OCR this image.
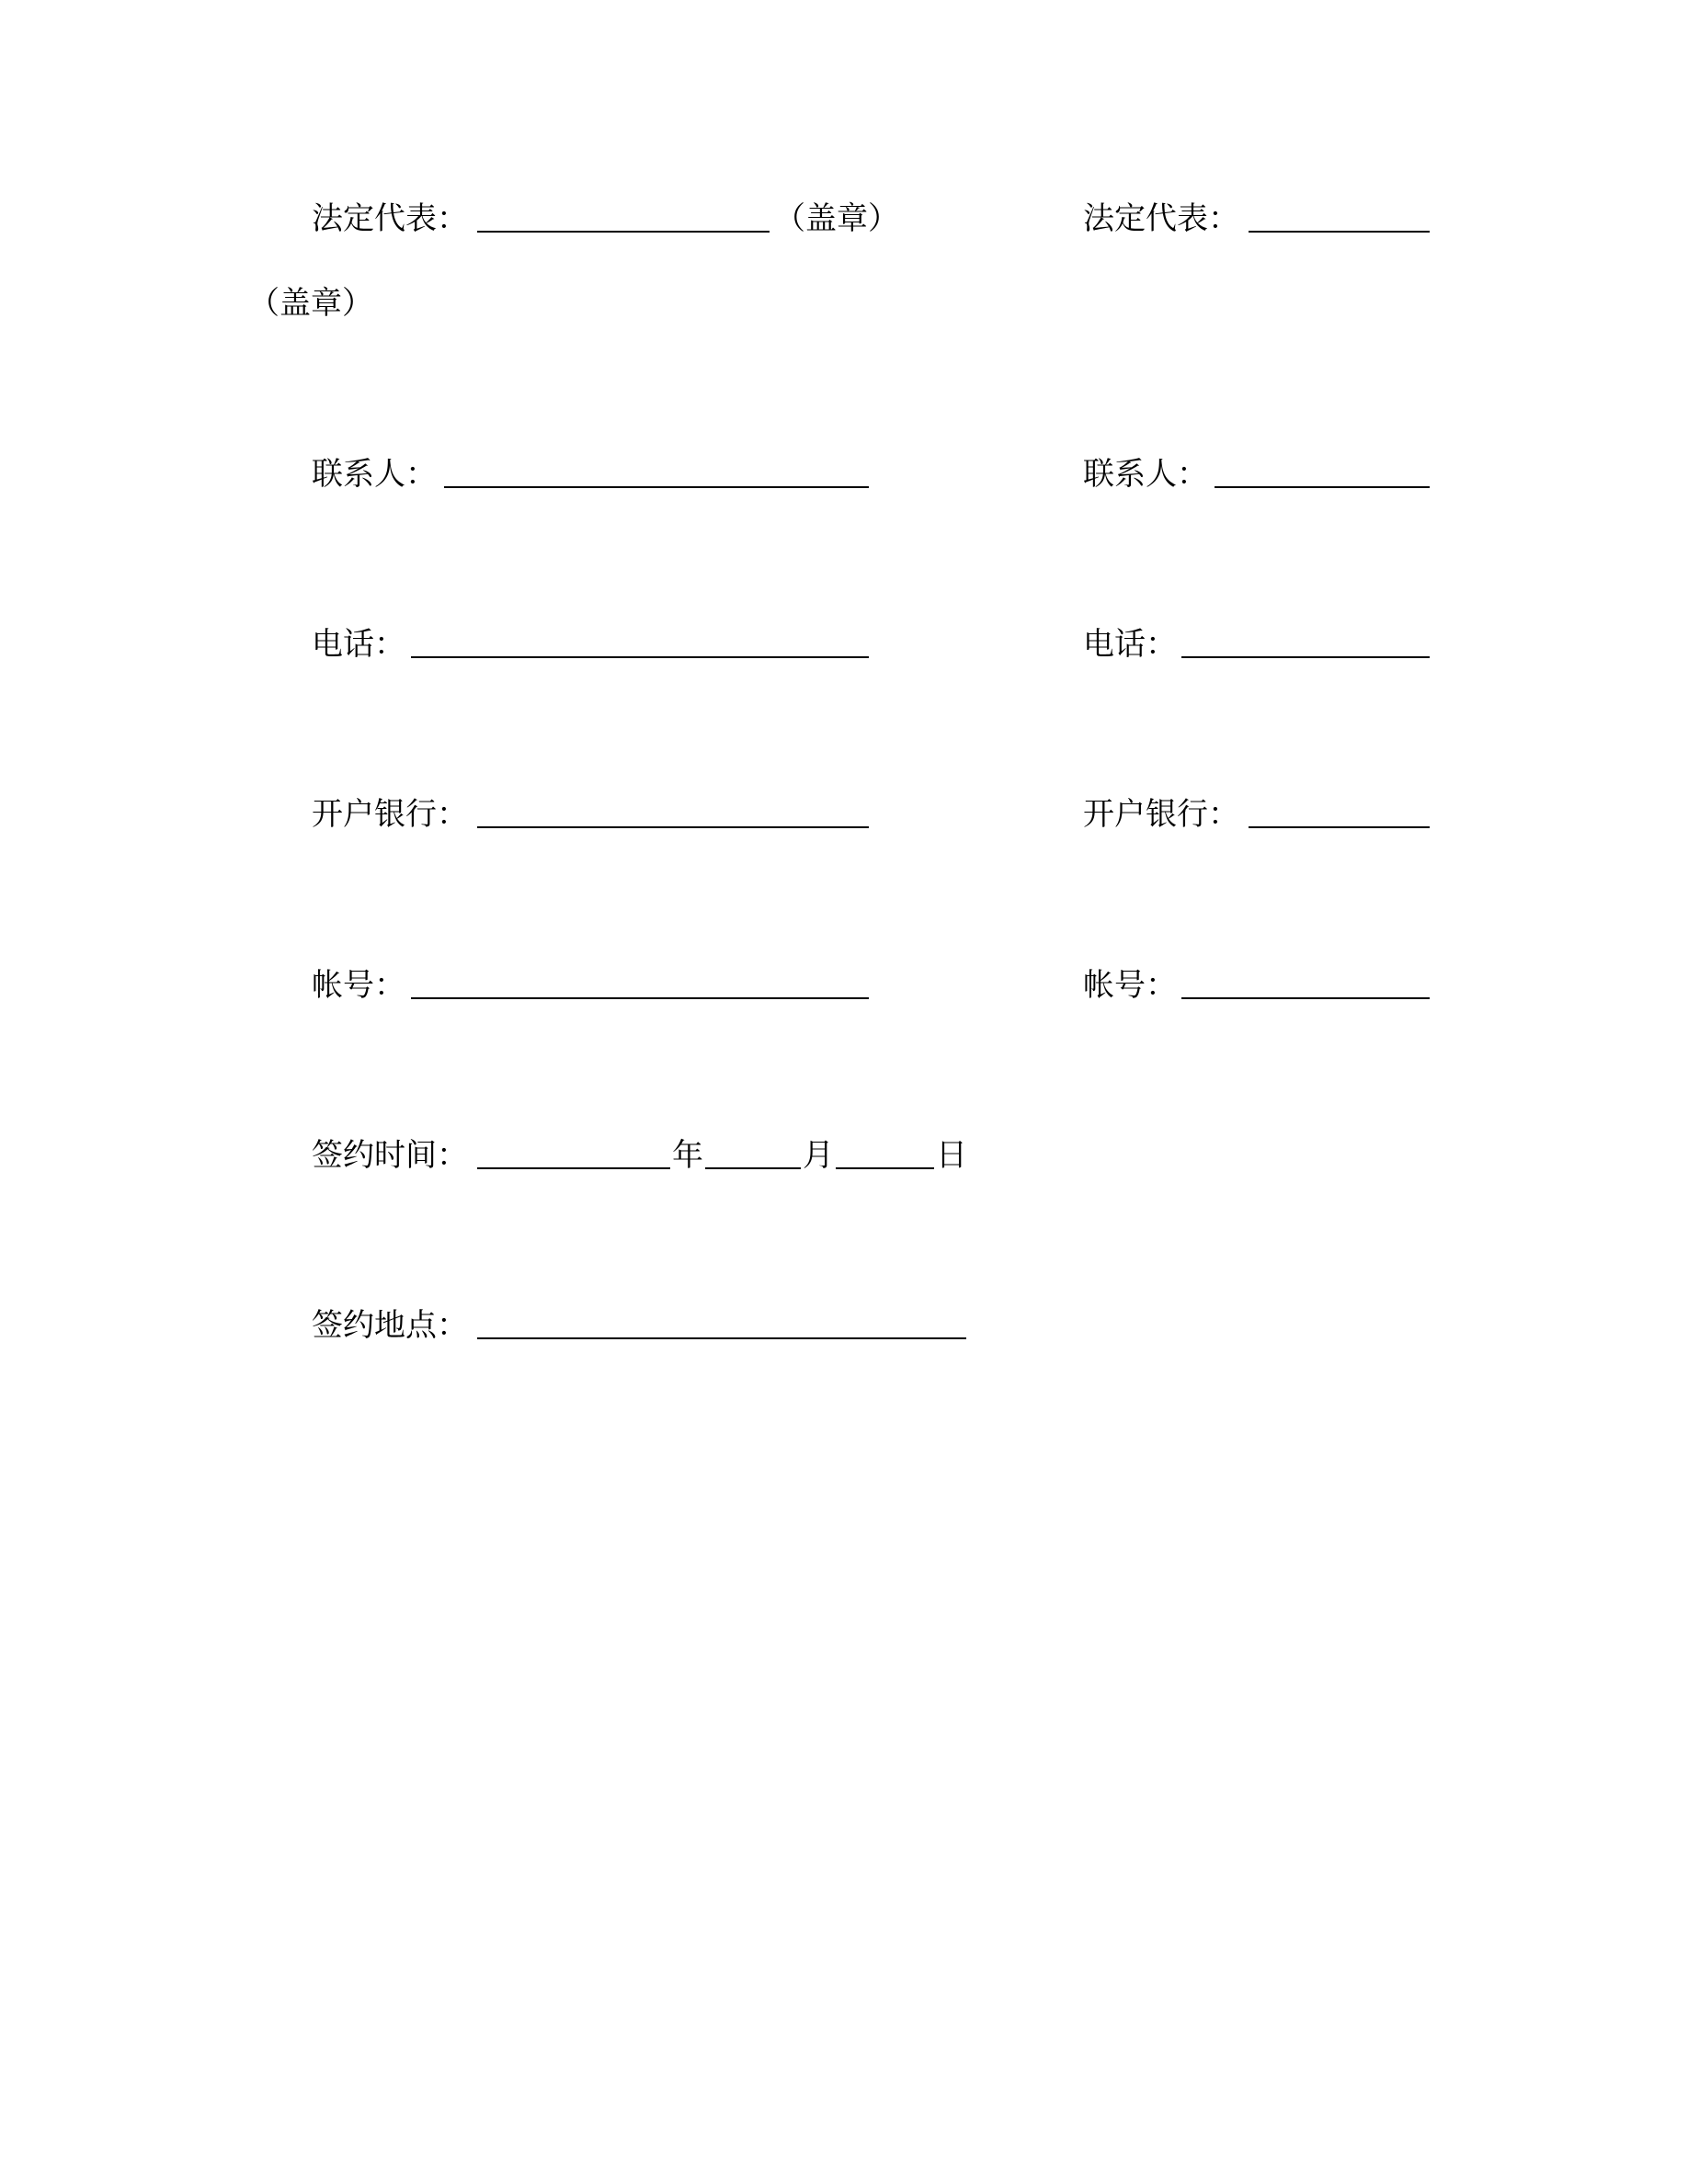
法定代表：	（盖章）	法定代表：
（盖章）
联系人：	联系人：
电话：	电话：
开户银行：	开户银行：
帐号：	帐号：
签约时间：	年	月	日
签约地点：
